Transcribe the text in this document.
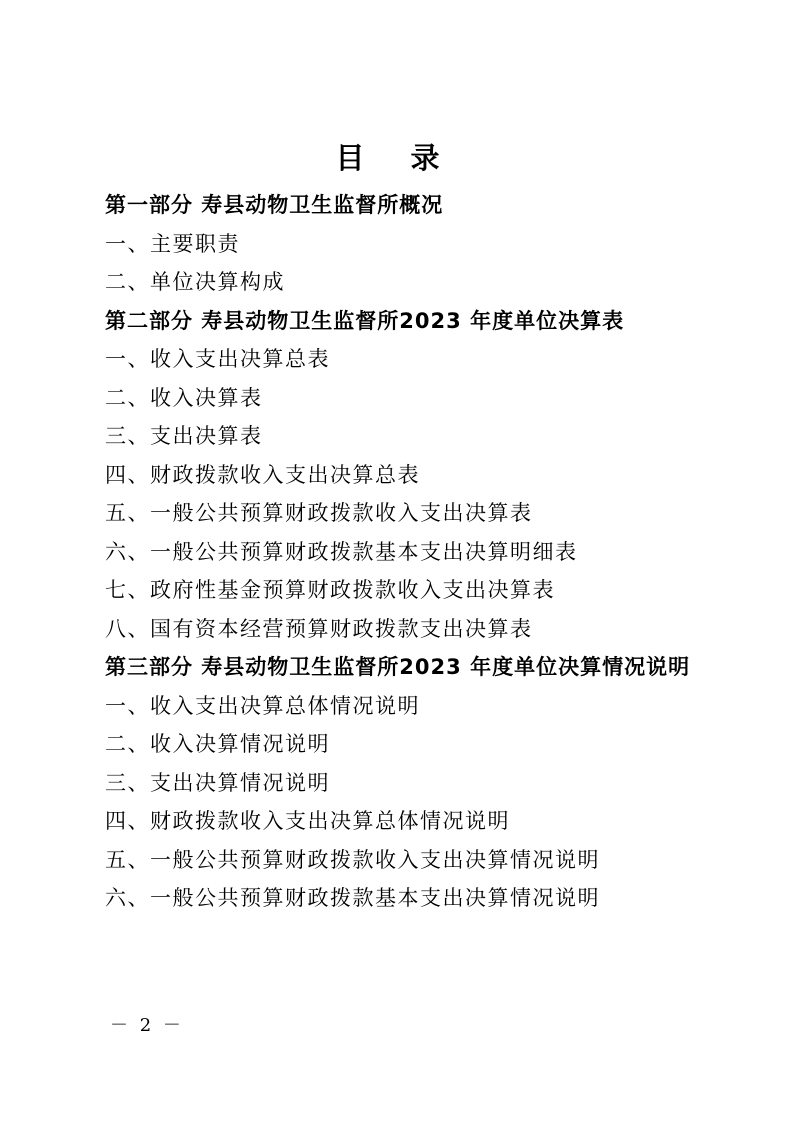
目 录
第一部分 寿县动物卫生监督所概况
一、主要职责
二、单位决算构成
第二部分 寿县动物卫生监督所2023 年度单位决算表
一、收入支出决算总表
二、收入决算表
三、支出决算表
四、财政拨款收入支出决算总表
五、一般公共预算财政拨款收入支出决算表
六、一般公共预算财政拨款基本支出决算明细表
七、政府性基金预算财政拨款收入支出决算表
八、国有资本经营预算财政拨款支出决算表
第三部分 寿县动物卫生监督所2023 年度单位决算情况说明
一、收入支出决算总体情况说明
二、收入决算情况说明
三、支出决算情况说明
四、财政拨款收入支出决算总体情况说明
五、一般公共预算财政拨款收入支出决算情况说明
六、一般公共预算财政拨款基本支出决算情况说明
－ 2 －
